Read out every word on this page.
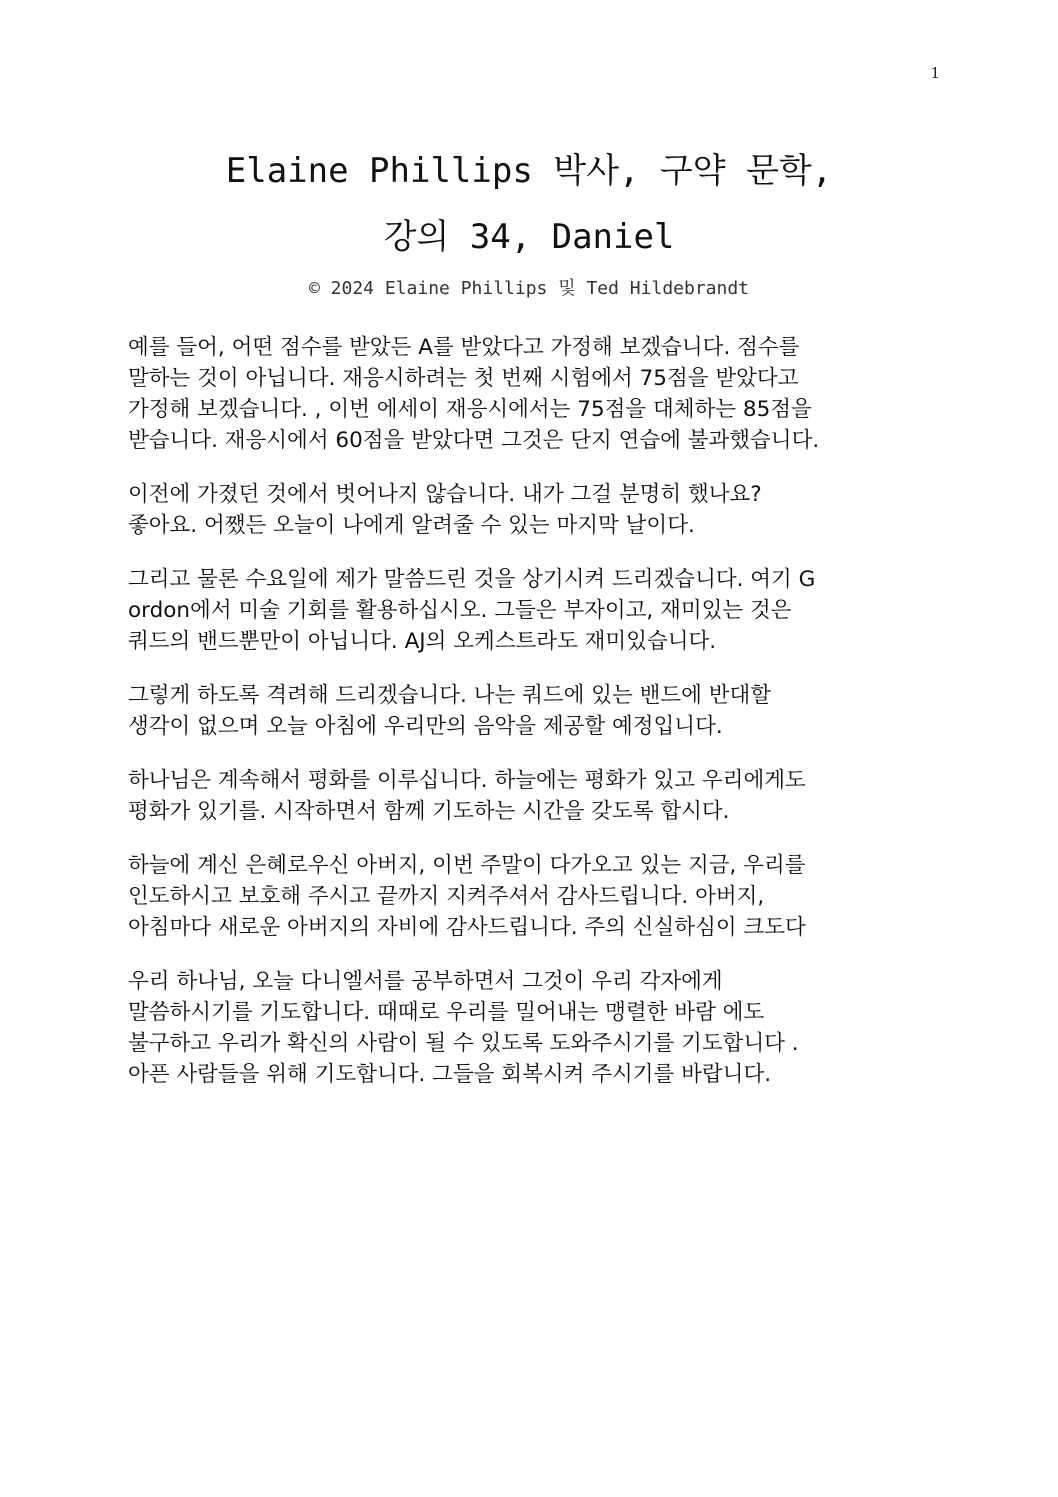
1
Elaine Phillips 박사, 구약 문학,
강의 34, Daniel
© 2024 Elaine Phillips 및 Ted Hildebrandt
예를 들어, 어떤 점수를 받았든 A를 받았다고 가정해 보겠습니다. 점수를
말하는 것이 아닙니다. 재응시하려는 첫 번째 시험에서 75점을 받았다고
가정해 보겠습니다. , 이번 에세이 재응시에서는 75점을 대체하는 85점을
받습니다. 재응시에서 60점을 받았다면 그것은 단지 연습에 불과했습니다.
이전에 가졌던 것에서 벗어나지 않습니다. 내가 그걸 분명히 했나요?
좋아요. 어쨌든 오늘이 나에게 알려줄 수 있는 마지막 날이다.
그리고 물론 수요일에 제가 말씀드린 것을 상기시켜 드리겠습니다. 여기 G
ordon에서 미술 기회를 활용하십시오. 그들은 부자이고, 재미있는 것은
쿼드의 밴드뿐만이 아닙니다. AJ의 오케스트라도 재미있습니다.
그렇게 하도록 격려해 드리겠습니다. 나는 쿼드에 있는 밴드에 반대할
생각이 없으며 오늘 아침에 우리만의 음악을 제공할 예정입니다.
하나님은 계속해서 평화를 이루십니다. 하늘에는 평화가 있고 우리에게도
평화가 있기를. 시작하면서 함께 기도하는 시간을 갖도록 합시다.
하늘에 계신 은혜로우신 아버지, 이번 주말이 다가오고 있는 지금, 우리를
인도하시고 보호해 주시고 끝까지 지켜주셔서 감사드립니다. 아버지,
아침마다 새로운 아버지의 자비에 감사드립니다. 주의 신실하심이 크도다
우리 하나님, 오늘 다니엘서를 공부하면서 그것이 우리 각자에게
말씀하시기를 기도합니다. 때때로 우리를 밀어내는 맹렬한 바람 에도
불구하고 우리가 확신의 사람이 될 수 있도록 도와주시기를 기도합니다 .
아픈 사람들을 위해 기도합니다. 그들을 회복시켜 주시기를 바랍니다.
